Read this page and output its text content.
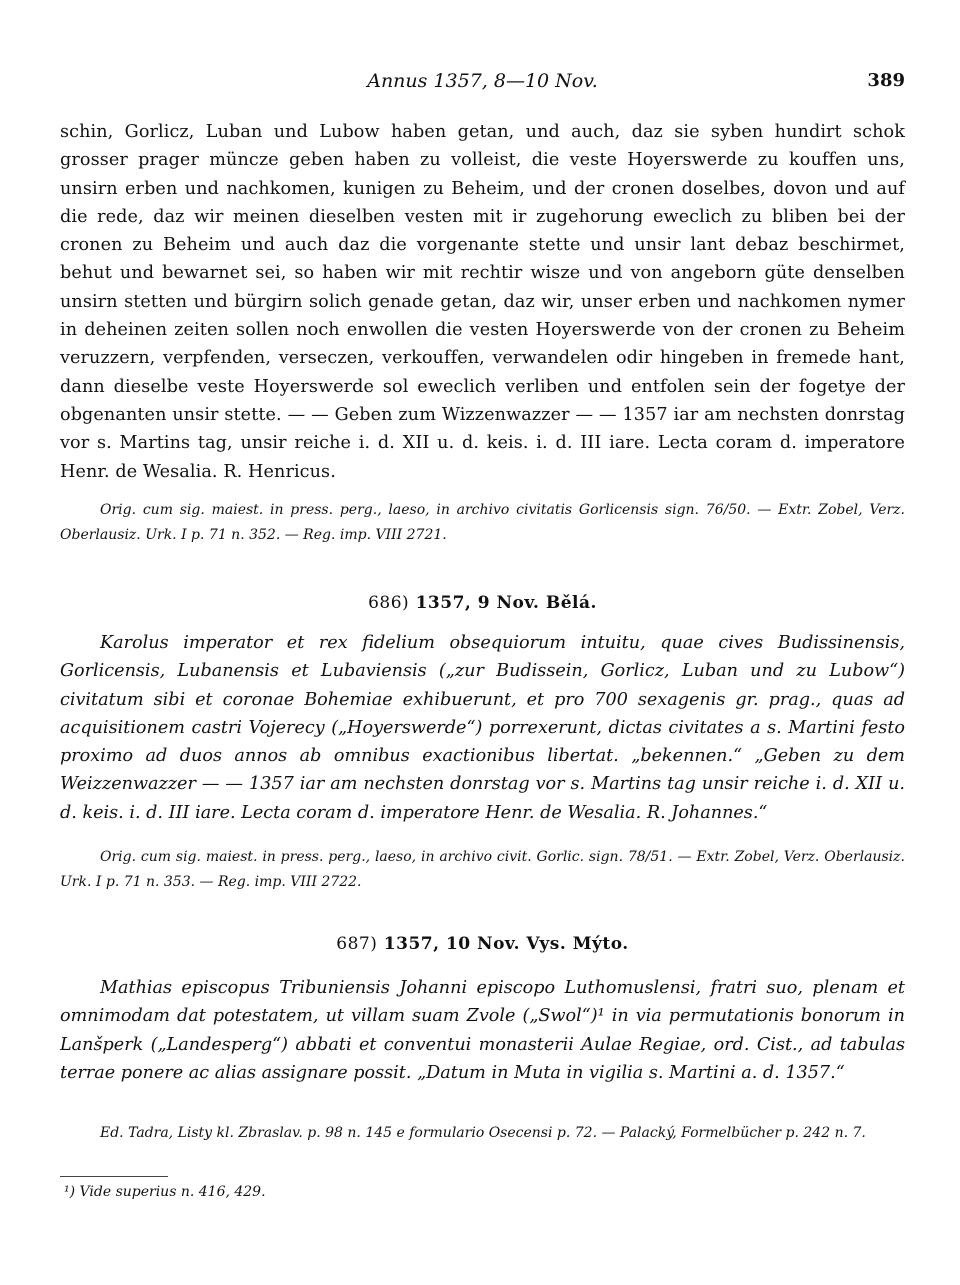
Annus 1357, 8—10 Nov.	389
schin, Gorlicz, Luban und Lubow haben getan, und auch, daz sie syben hundirt schok grosser prager müncze geben haben zu volleist, die veste Hoyerswerde zu kouffen uns, unsirn erben und nachkomen, kunigen zu Beheim, und der cronen doselbes, dovon und auf die rede, daz wir meinen dieselben vesten mit ir zugehorung eweclich zu bliben bei der cronen zu Beheim und auch daz die vorgenante stette und unsir lant debaz beschirmet, behut und bewarnet sei, so haben wir mit rechtir wisze und von angeborn güte denselben unsirn stetten und bürgirn solich genade getan, daz wir, unser erben und nachkomen nymer in deheinen zeiten sollen noch enwollen die vesten Hoyerswerde von der cronen zu Beheim veruzzern, verpfenden, verseczen, verkouffen, verwandelen odir hingeben in fremede hant, dann dieselbe veste Hoyerswerde sol eweclich verliben und entfolen sein der fogetye der obgenanten unsir stette. — — Geben zum Wizzenwazzer — — 1357 iar am nechsten donrstag vor s. Martins tag, unsir reiche i. d. XII u. d. keis. i. d. III iare. Lecta coram d. imperatore Henr. de Wesalia. R. Henricus.
Orig. cum sig. maiest. in press. perg., laeso, in archivo civitatis Gorlicensis sign. 76/50. — Extr. Zobel, Verz. Oberlausiz. Urk. I p. 71 n. 352. — Reg. imp. VIII 2721.
686) 1357, 9 Nov. Bělá.
Karolus imperator et rex fidelium obsequiorum intuitu, quae cives Budissinensis, Gorlicensis, Lubanensis et Lubaviensis („zur Budissein, Gorlicz, Luban und zu Lubow“) civitatum sibi et coronae Bohemiae exhibuerunt, et pro 700 sexagenis gr. prag., quas ad acquisitionem castri Vojerecy („Hoyerswerde“) porrexerunt, dictas civitates a s. Martini festo proximo ad duos annos ab omnibus exactionibus libertat. „bekennen.“ „Geben zu dem Weizzenwazzer — — 1357 iar am nechsten donrstag vor s. Martins tag unsir reiche i. d. XII u. d. keis. i. d. III iare. Lecta coram d. imperatore Henr. de Wesalia. R. Johannes.“
Orig. cum sig. maiest. in press. perg., laeso, in archivo civit. Gorlic. sign. 78/51. — Extr. Zobel, Verz. Oberlausiz. Urk. I p. 71 n. 353. — Reg. imp. VIII 2722.
687) 1357, 10 Nov. Vys. Mýto.
Mathias episcopus Tribuniensis Johanni episcopo Luthomuslensi, fratri suo, plenam et omnimodam dat potestatem, ut villam suam Zvole („Swol“)¹ in via permutationis bonorum in Lanšperk („Landesperg“) abbati et conventui monasterii Aulae Regiae, ord. Cist., ad tabulas terrae ponere ac alias assignare possit. „Datum in Muta in vigilia s. Martini a. d. 1357.“
Ed. Tadra, Listy kl. Zbraslav. p. 98 n. 145 e formulario Osecensi p. 72. — Palacký, Formelbücher p. 242 n. 7.
¹) Vide superius n. 416, 429.
